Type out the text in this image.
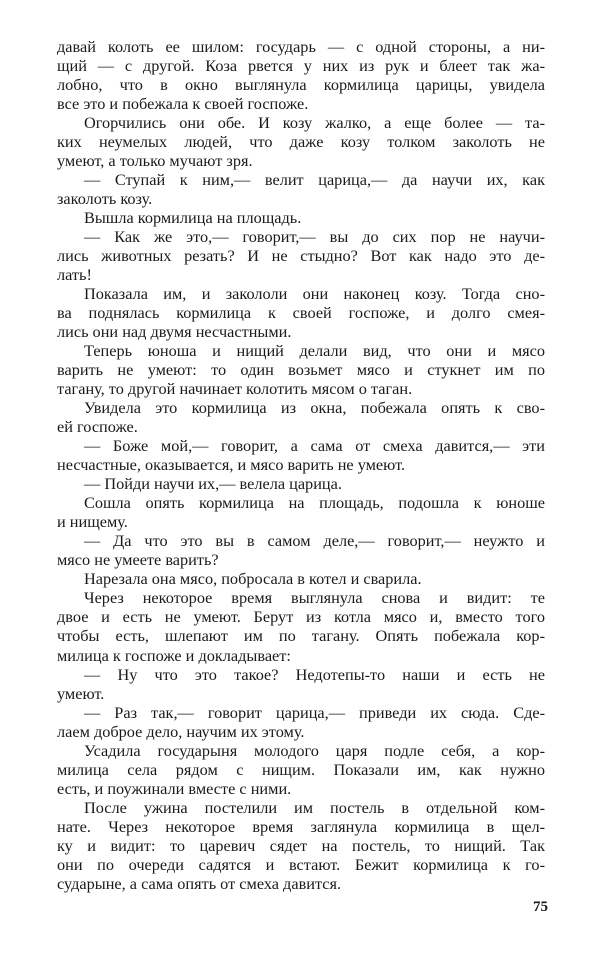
давай колоть ее шилом: государь — с одной стороны, а ни-
щий — с другой. Коза рвется у них из рук и блеет так жа-
лобно, что в окно выглянула кормилица царицы, увидела
все это и побежала к своей госпоже.
Огорчились они обе. И козу жалко, а еще более — та-
ких неумелых людей, что даже козу толком заколоть не
умеют, а только мучают зря.
— Ступай к ним,— велит царица,— да научи их, как
заколоть козу.
Вышла кормилица на площадь.
— Как же это,— говорит,— вы до сих пор не научи-
лись животных резать? И не стыдно? Вот как надо это де-
лать!
Показала им, и закололи они наконец козу. Тогда сно-
ва поднялась кормилица к своей госпоже, и долго смея-
лись они над двумя несчастными.
Теперь юноша и нищий делали вид, что они и мясо
варить не умеют: то один возьмет мясо и стукнет им по
тагану, то другой начинает колотить мясом о таган.
Увидела это кормилица из окна, побежала опять к сво-
ей госпоже.
— Боже мой,— говорит, а сама от смеха давится,— эти
несчастные, оказывается, и мясо варить не умеют.
— Пойди научи их,— велела царица.
Сошла опять кормилица на площадь, подошла к юноше
и нищему.
— Да что это вы в самом деле,— говорит,— неужто и
мясо не умеете варить?
Нарезала она мясо, побросала в котел и сварила.
Через некоторое время выглянула снова и видит: те
двое и есть не умеют. Берут из котла мясо и, вместо того
чтобы есть, шлепают им по тагану. Опять побежала кор-
милица к госпоже и докладывает:
— Ну что это такое? Недотепы-то наши и есть не
умеют.
— Раз так,— говорит царица,— приведи их сюда. Сде-
лаем доброе дело, научим их этому.
Усадила государыня молодого царя подле себя, а кор-
милица села рядом с нищим. Показали им, как нужно
есть, и поужинали вместе с ними.
После ужина постелили им постель в отдельной ком-
нате. Через некоторое время заглянула кормилица в щел-
ку и видит: то царевич сядет на постель, то нищий. Так
они по очереди садятся и встают. Бежит кормилица к го-
сударыне, а сама опять от смеха давится.
75
